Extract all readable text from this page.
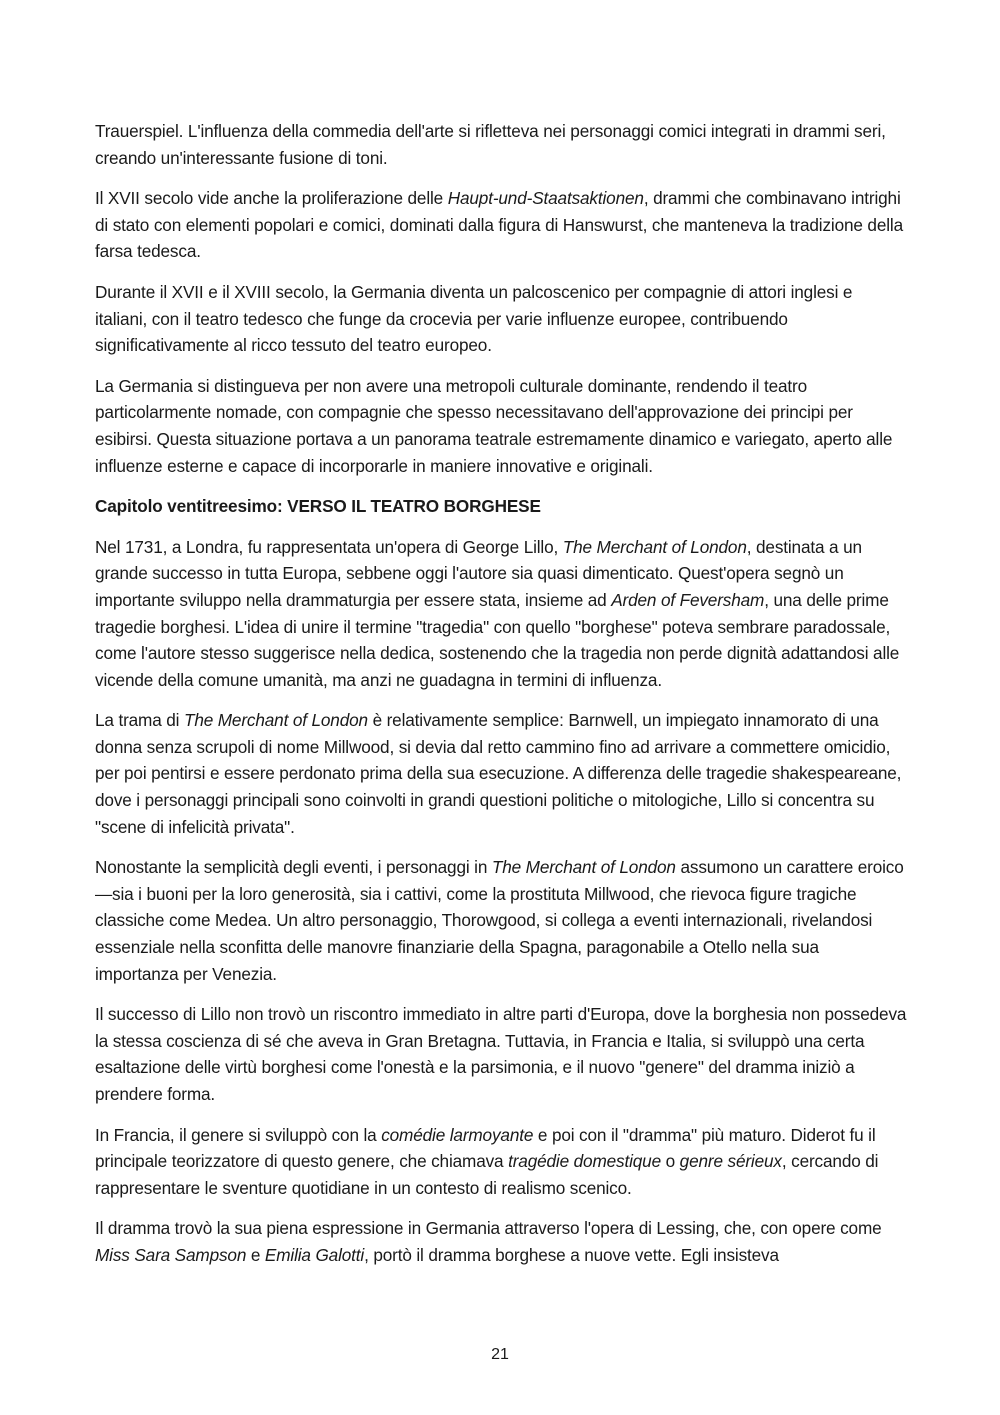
Trauerspiel. L'influenza della commedia dell'arte si rifletteva nei personaggi comici integrati in drammi seri, creando un'interessante fusione di toni.

Il XVII secolo vide anche la proliferazione delle Haupt-und-Staatsaktionen, drammi che combinavano intrighi di stato con elementi popolari e comici, dominati dalla figura di Hanswurst, che manteneva la tradizione della farsa tedesca.

Durante il XVII e il XVIII secolo, la Germania diventa un palcoscenico per compagnie di attori inglesi e italiani, con il teatro tedesco che funge da crocevia per varie influenze europee, contribuendo significativamente al ricco tessuto del teatro europeo.

La Germania si distingueva per non avere una metropoli culturale dominante, rendendo il teatro particolarmente nomade, con compagnie che spesso necessitavano dell'approvazione dei principi per esibirsi. Questa situazione portava a un panorama teatrale estremamente dinamico e variegato, aperto alle influenze esterne e capace di incorporarle in maniere innovative e originali.

Capitolo ventitreesimo: VERSO IL TEATRO BORGHESE

Nel 1731, a Londra, fu rappresentata un'opera di George Lillo, The Merchant of London, destinata a un grande successo in tutta Europa, sebbene oggi l'autore sia quasi dimenticato. Quest'opera segnò un importante sviluppo nella drammaturgia per essere stata, insieme ad Arden of Feversham, una delle prime tragedie borghesi. L'idea di unire il termine "tragedia" con quello "borghese" poteva sembrare paradossale, come l'autore stesso suggerisce nella dedica, sostenendo che la tragedia non perde dignità adattandosi alle vicende della comune umanità, ma anzi ne guadagna in termini di influenza.

La trama di The Merchant of London è relativamente semplice: Barnwell, un impiegato innamorato di una donna senza scrupoli di nome Millwood, si devia dal retto cammino fino ad arrivare a commettere omicidio, per poi pentirsi e essere perdonato prima della sua esecuzione. A differenza delle tragedie shakespeareane, dove i personaggi principali sono coinvolti in grandi questioni politiche o mitologiche, Lillo si concentra su "scene di infelicità privata".

Nonostante la semplicità degli eventi, i personaggi in The Merchant of London assumono un carattere eroico—sia i buoni per la loro generosità, sia i cattivi, come la prostituta Millwood, che rievoca figure tragiche classiche come Medea. Un altro personaggio, Thorowgood, si collega a eventi internazionali, rivelandosi essenziale nella sconfitta delle manovre finanziarie della Spagna, paragonabile a Otello nella sua importanza per Venezia.

Il successo di Lillo non trovò un riscontro immediato in altre parti d'Europa, dove la borghesia non possedeva la stessa coscienza di sé che aveva in Gran Bretagna. Tuttavia, in Francia e Italia, si sviluppò una certa esaltazione delle virtù borghesi come l'onestà e la parsimonia, e il nuovo "genere" del dramma iniziò a prendere forma.

In Francia, il genere si sviluppò con la comédie larmoyante e poi con il "dramma" più maturo. Diderot fu il principale teorizzatore di questo genere, che chiamava tragédie domestique o genre sérieux, cercando di rappresentare le sventure quotidiane in un contesto di realismo scenico.

Il dramma trovò la sua piena espressione in Germania attraverso l'opera di Lessing, che, con opere come Miss Sara Sampson e Emilia Galotti, portò il dramma borghese a nuove vette. Egli insisteva

21
